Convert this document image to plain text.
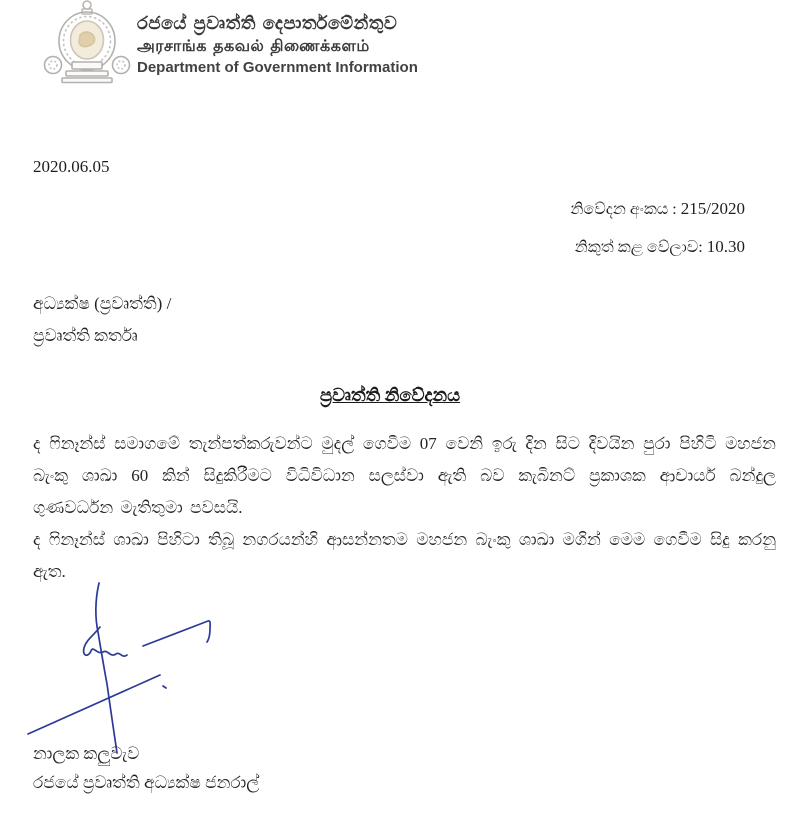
රජයේ ප්‍රවෘත්ති දෙපාර්තමේන්තුව
அரசாங்க தகவல் திணைக்களம்
Department of Government Information
2020.06.05
නිවේදන අංකය : 215/2020
නිකුත් කළ වේලාව: 10.30
අධ්‍යක්ෂ (ප්‍රවෘත්ති) /
ප්‍රවෘත්ති කර්තෘ
ප්‍රවෘත්ති නිවේදනය

ද ෆිනෑන්ස් සමාගමේ තැන්පත්කරුවන්ට මුදල් ගෙවීම 07 වෙනි ඉරු දින සිට දිවයින පුරා පිහිටි මහජන බැංකු ශාඛා 60 කින් සිදුකිරීමට විධිවිධාන සලස්වා ඇති බව කැබිනට් ප්‍රකාශක ආචාර්ය බන්දුල ගුණවර්ධන මැතිතුමා පවසයි.

ද ෆිනෑන්ස් ශාඛා පිහිටා තිබූ නගරයන්හි ආසන්නතම මහජන බැංකු ශාඛා මගින් මෙම ගෙවීම සිදු කරනු ඇත.

නාලක කලුවැව
රජයේ ප්‍රවෘත්ති අධ්‍යක්ෂ ජනරාල්
